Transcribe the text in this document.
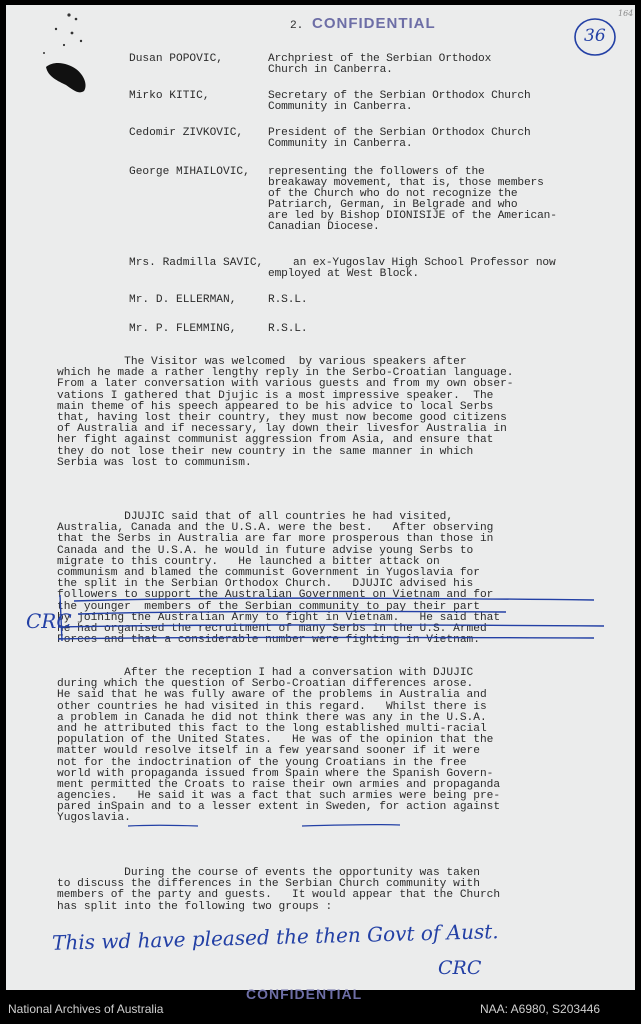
2. CONFIDENTIAL
36
164
Dusan POPOVIC,	Archpriest of the Serbian Orthodox
Church in Canberra.
Mirko KITIC,	Secretary of the Serbian Orthodox Church
Community in Canberra.
Cedomir ZIVKOVIC, President of the Serbian Orthodox Church
Community in Canberra.
George MIHAILOVIC, representing the followers of the
breakaway movement, that is, those members
of the Church who do not recognize the
Patriarch, German, in Belgrade and who
are led by Bishop DIONISIJE of the American-
Canadian Diocese.
Mrs. Radmilla SAVIC,	an ex-Yugoslav High School Professor now
employed at West Block.
Mr. D. ELLERMAN,	R.S.L.
Mr. P. FLEMMING,	R.S.L.
The Visitor was welcomed  by various speakers after
which he made a rather lengthy reply in the Serbo-Croatian language.
From a later conversation with various guests and from my own obser-
vations I gathered that Djujic is a most impressive speaker.  The
main theme of his speech appeared to be his advice to local Serbs
that, having lost their country, they must now become good citizens
of Australia and if necessary, lay down their livesfor Australia in
her fight against communist aggression from Asia, and ensure that
they do not lose their new country in the same manner in which
Serbia was lost to communism.
DJUJIC said that of all countries he had visited,
Australia, Canada and the U.S.A. were the best.   After observing
that the Serbs in Australia are far more prosperous than those in
Canada and the U.S.A. he would in future advise young Serbs to
migrate to this country.   He launched a bitter attack on
communism and blamed the communist Government in Yugoslavia for
the split in the Serbian Orthodox Church.   DJUJIC advised his
followers to support the Australian Government on Vietnam and for
the younger  members of the Serbian community to pay their part
by joining the Australian Army to fight in Vietnam.   He said that
he had organised the recruitment of many Serbs in the U.S. Armed
Forces and that a considerable number were fighting in Vietnam.
After the reception I had a conversation with DJUJIC
during which the question of Serbo-Croatian differences arose.
He said that he was fully aware of the problems in Australia and
other countries he had visited in this regard.   Whilst there is
a problem in Canada he did not think there was any in the U.S.A.
and he attributed this fact to the long established multi-racial
population of the United States.   He was of the opinion that the
matter would resolve itself in a few yearsand sooner if it were
not for the indoctrination of the young Croatians in the free
world with propaganda issued from Spain where the Spanish Govern-
ment permitted the Croats to raise their own armies and propaganda
agencies.   He said it was a fact that such armies were being pre-
pared inSpain and to a lesser extent in Sweden, for action against
Yugoslavia.
During the course of events the opportunity was taken
to discuss the differences in the Serbian Church community with
members of the party and guests.   It would appear that the Church
has split into the following two groups :
CRC
This wd have pleased the then Govt of Aust.
CRC
CONFIDENTIAL
National Archives of Australia	NAA: A6980, S203446
